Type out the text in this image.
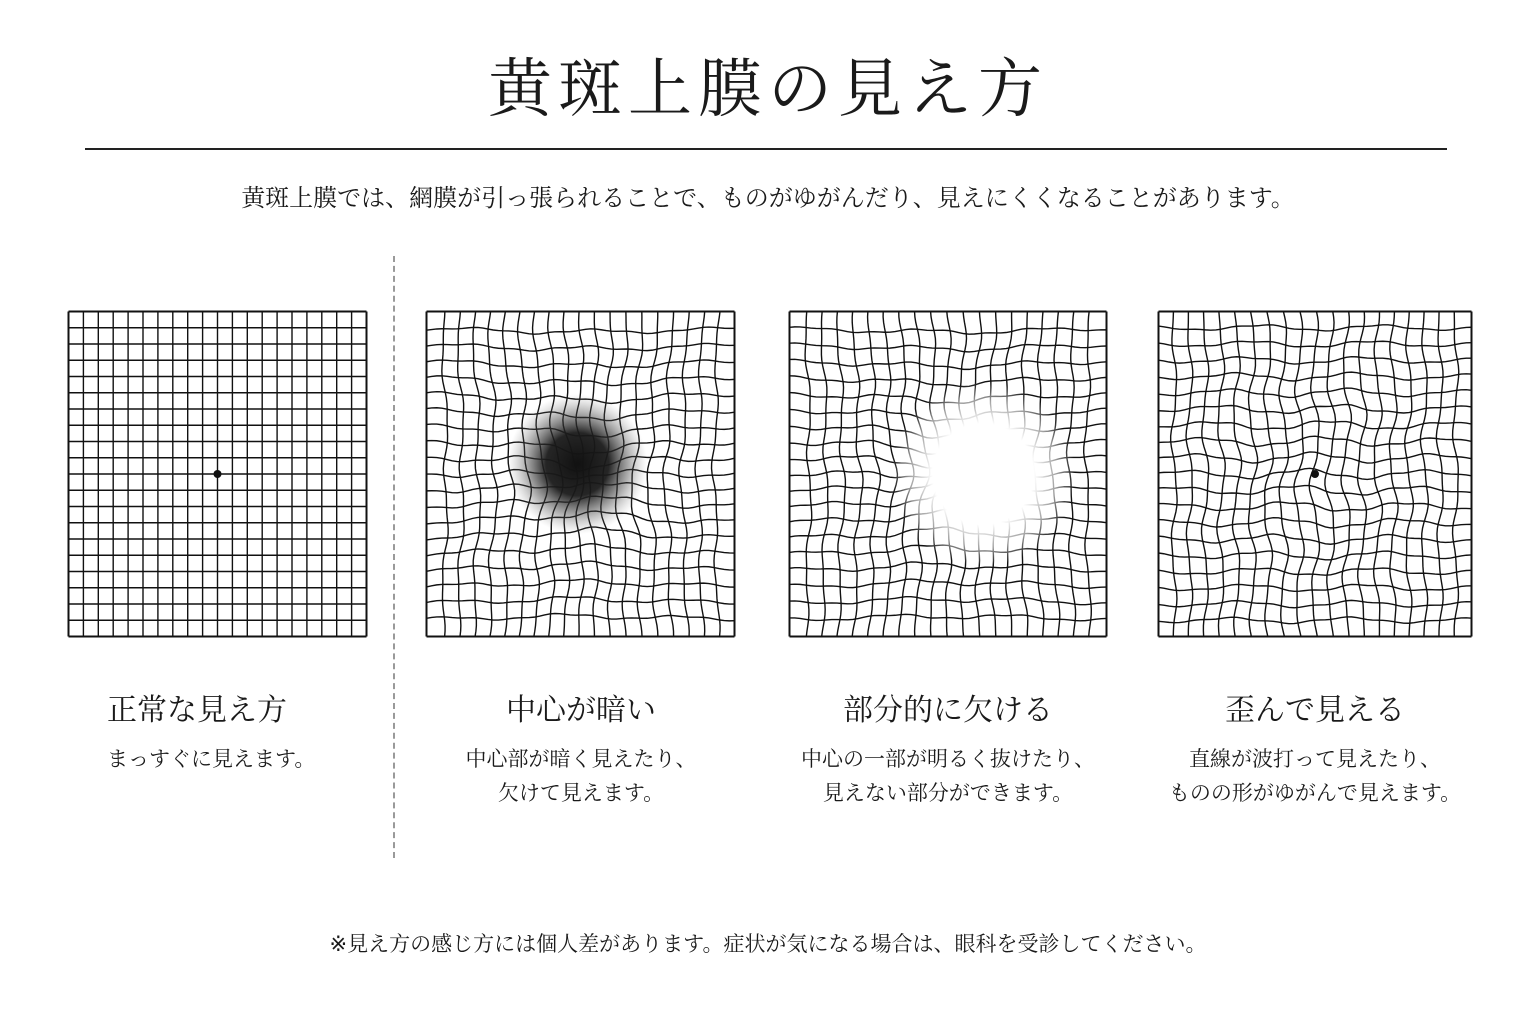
黄斑上膜の見え方

黄斑上膜では、網膜が引っ張られることで、ものがゆがんだり、見えにくくなることがあります。

正常な見え方
まっすぐに見えます。
中心が暗い
中心部が暗く見えたり、
欠けて見えます。
部分的に欠ける
中心の一部が明るく抜けたり、
見えない部分ができます。
歪んで見える
直線が波打って見えたり、
ものの形がゆがんで見えます。

※見え方の感じ方には個人差があります。症状が気になる場合は、眼科を受診してください。
